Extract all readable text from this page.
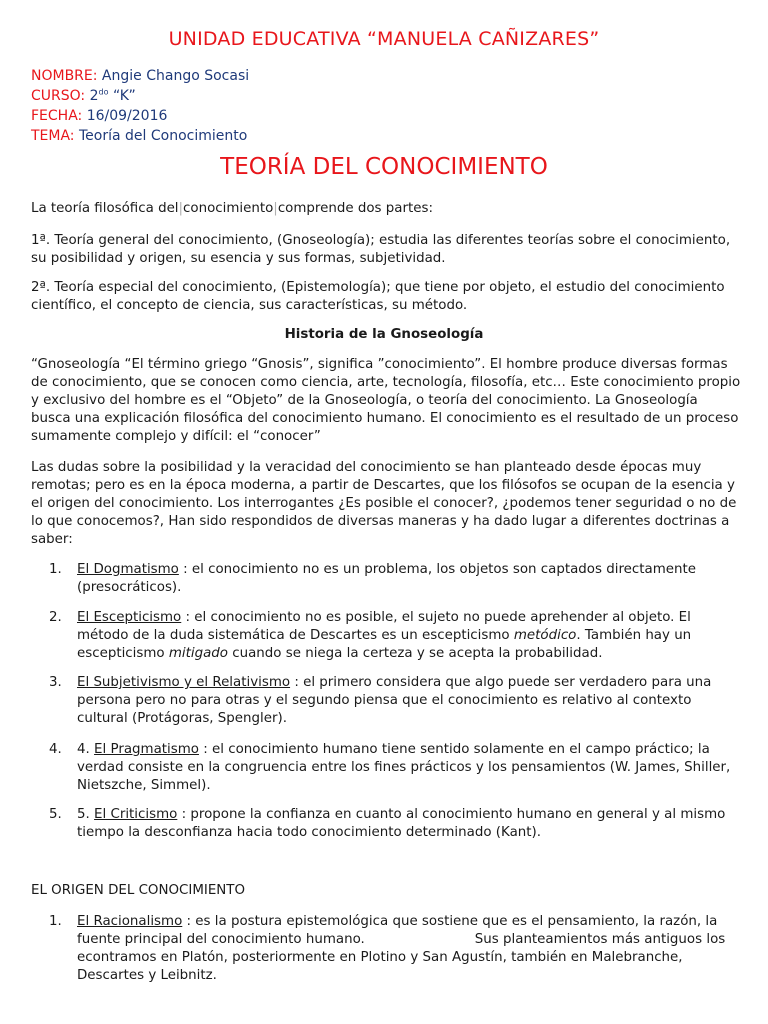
UNIDAD EDUCATIVA “MANUELA CAÑIZARES”
NOMBRE: Angie Chango Socasi
CURSO: $2^{do}$ “K”
FECHA: 16/09/2016
TEMA: Teoría del Conocimiento
TEORÍA DEL CONOCIMIENTO

La teoría filosófica del|conocimiento|comprende dos partes:

1ª. Teoría general del conocimiento, (Gnoseología); estudia las diferentes teorías sobre el conocimiento, su posibilidad y origen, su esencia y sus formas, subjetividad.

2ª. Teoría especial del conocimiento, (Epistemología); que tiene por objeto, el estudio del conocimiento científico, el concepto de ciencia, sus características, su método.

Historia de la Gnoseología

“Gnoseología “El término griego “Gnosis”, significa ”conocimiento”. El hombre produce diversas formas de conocimiento, que se conocen como ciencia, arte, tecnología, filosofía, etc… Este conocimiento propio y exclusivo del hombre es el “Objeto” de la Gnoseología, o teoría del conocimiento. La Gnoseología busca una explicación filosófica del conocimiento humano. El conocimiento es el resultado de un proceso sumamente complejo y difícil: el “conocer”

Las dudas sobre la posibilidad y la veracidad del conocimiento se han planteado desde épocas muy remotas; pero es en la época moderna, a partir de Descartes, que los filósofos se ocupan de la esencia y el origen del conocimiento. Los interrogantes ¿Es posible el conocer?, ¿podemos tener seguridad o no de lo que conocemos?, Han sido respondidos de diversas maneras y ha dado lugar a diferentes doctrinas a saber:

1. El Dogmatismo : el conocimiento no es un problema, los objetos son captados directamente (presocráticos).
2. El Escepticismo : el conocimiento no es posible, el sujeto no puede aprehender al objeto. El método de la duda sistemática de Descartes es un escepticismo metódico. También hay un escepticismo mitigado cuando se niega la certeza y se acepta la probabilidad.
3. El Subjetivismo y el Relativismo : el primero considera que algo puede ser verdadero para una persona pero no para otras y el segundo piensa que el conocimiento es relativo al contexto cultural (Protágoras, Spengler).
4. 4. El Pragmatismo : el conocimiento humano tiene sentido solamente en el campo práctico; la verdad consiste en la congruencia entre los fines prácticos y los pensamientos (W. James, Shiller, Nietszche, Simmel).
5. 5. El Criticismo : propone la confianza en cuanto al conocimiento humano en general y al mismo tiempo la desconfianza hacia todo conocimiento determinado (Kant).

EL ORIGEN DEL CONOCIMIENTO

1. El Racionalismo : es la postura epistemológica que sostiene que es el pensamiento, la razón, la fuente principal del conocimiento humano.	Sus planteamientos más antiguos los econtramos en Platón, posteriormente en Plotino y San Agustín, también en Malebranche, Descartes y Leibnitz.
